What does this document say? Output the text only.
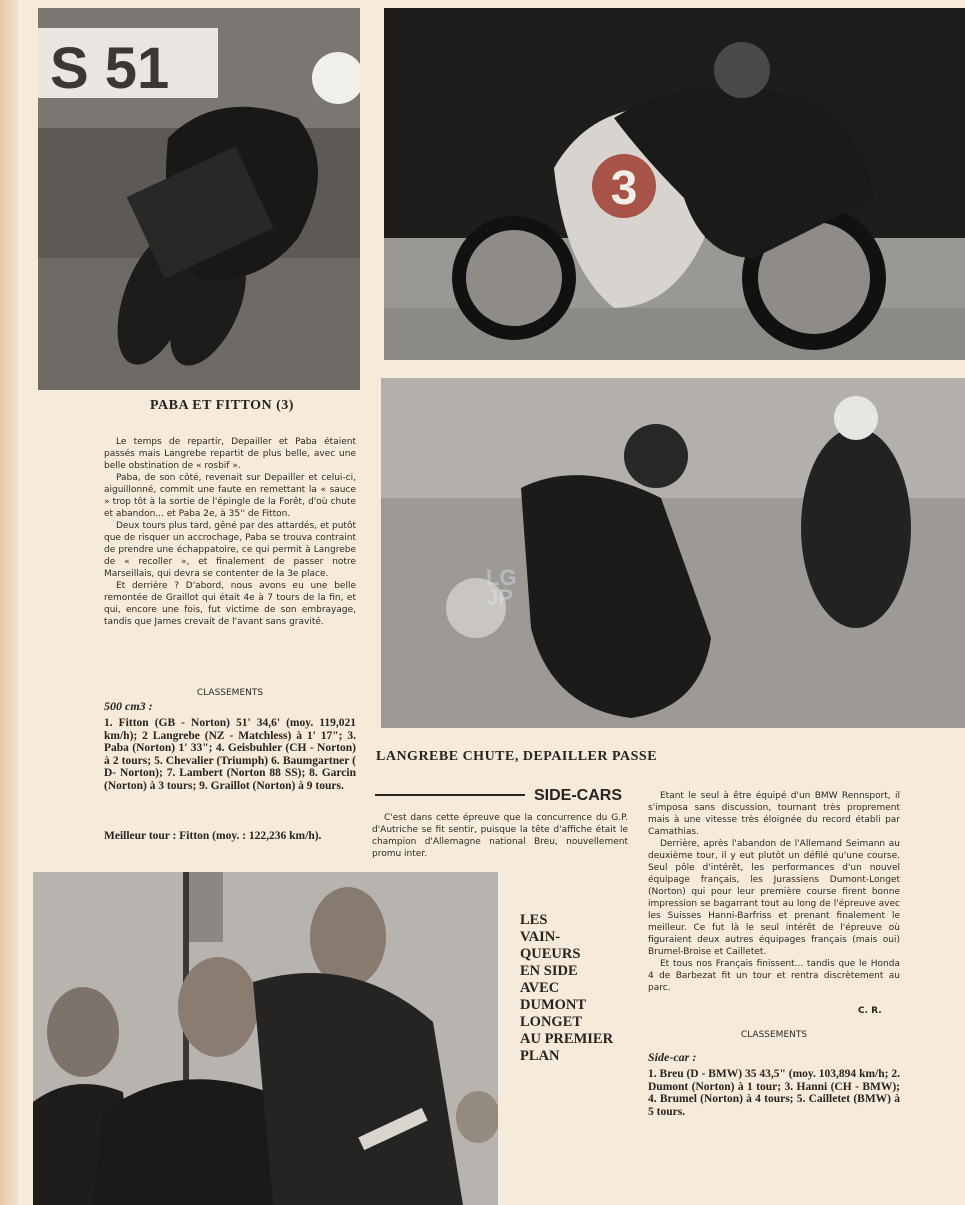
S 51
3
PABA ET FITTON (3)

Le temps de repartir, Depailler et Paba étaient passés mais Langrebe repartit de plus belle, avec une belle obstination de « rosbif ».

Paba, de son côté, revenait sur Depailler et celui-ci, aiguillonné, commit une faute en remettant la « sauce » trop tôt à la sortie de l'épingle de la Forêt, d'où chute et abandon... et Paba 2e, à 35'' de Fitton.

Deux tours plus tard, gêné par des attardés, et putôt que de risquer un accrochage, Paba se trouva contraint de prendre une échappatoire, ce qui permit à Langrebe de « recoller », et finalement de passer notre Marseillais, qui devra se contenter de la 3e place.

Et derrière ? D'abord, nous avons eu une belle remontée de Graillot qui était 4e à 7 tours de la fin, et qui, encore une fois, fut victime de son embrayage, tandis que James crevait de l'avant sans gravité.

CLASSEMENTS
500 cm3 :
1. Fitton (GB - Norton) 51' 34,6' (moy. 119,021 km/h); 2 Langrebe (NZ - Matchless) à 1' 17"; 3. Paba (Norton) 1' 33"; 4. Geisbuhler (CH - Norton) à 2 tours; 5. Chevalier (Triumph) 6. Baumgartner ( D- Norton); 7. Lambert (Norton 88 SS); 8. Garcin (Norton) à 3 tours; 9. Graillot (Norton) à 9 tours.
Meilleur tour : Fitton (moy. : 122,236 km/h).
LG JP
LANGREBE CHUTE, DEPAILLER PASSE
SIDE-CARS
C'est dans cette épreuve que la concurrence du G.P. d'Autriche se fit sentir, puisque la tête d'affiche était le champion d'Allemagne national Breu, nouvellement promu inter.

Etant le seul à être équipé d'un BMW Rennsport, il s'imposa sans discussion, tournant très proprement mais à une vitesse très éloignée du record établi par Camathias.

Derrière, après l'abandon de l'Allemand Seimann au deuxième tour, il y eut plutôt un défilé qu'une course. Seul pôle d'intérêt, les performances d'un nouvel équipage français, les Jurassiens Dumont-Longet (Norton) qui pour leur première course firent bonne impression se bagarrant tout au long de l'épreuve avec les Suisses Hanni-Barfriss et prenant finalement le meilleur. Ce fut là le seul intérêt de l'épreuve où figuraient deux autres équipages français (mais oui) Brumel-Broise et Cailletet.

Et tous nos Français finissent... tandis que le Honda 4 de Barbezat fit un tour et rentra discrètement au parc.

C. R.
CLASSEMENTS
Side-car :
1. Breu (D - BMW) 35 43,5" (moy. 103,894 km/h; 2. Dumont (Norton) à 1 tour; 3. Hanni (CH - BMW); 4. Brumel (Norton) à 4 tours; 5. Cailletet (BMW) à 5 tours.
LES
VAIN-
QUEURS
EN SIDE
AVEC
DUMONT
LONGET
AU PREMIER
PLAN
